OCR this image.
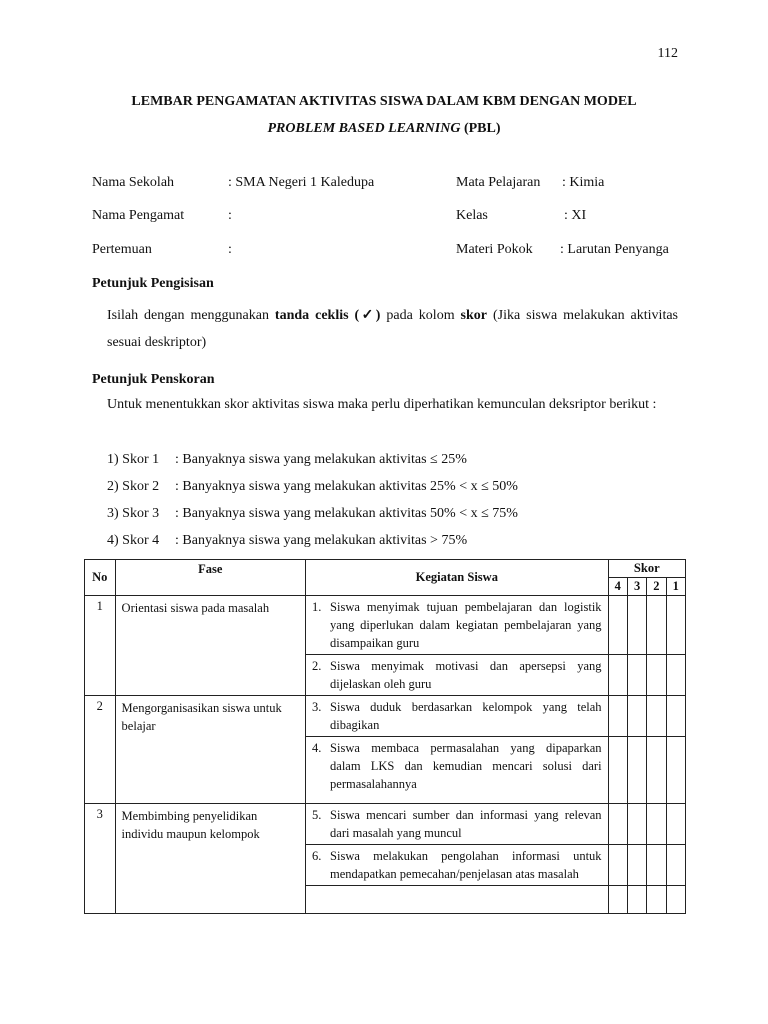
112
LEMBAR PENGAMATAN AKTIVITAS SISWA DALAM KBM DENGAN MODEL
PROBLEM BASED LEARNING (PBL)
Nama Sekolah	: SMA Negeri 1 Kaledupa
Nama Pengamat	:
Pertemuan	:
Mata Pelajaran : Kimia
Kelas	: XI
Materi Pokok : Larutan Penyanga
Petunjuk Pengisisan
Isilah dengan menggunakan tanda ceklis (✓) pada kolom skor (Jika siswa melakukan aktivitas sesuai deskriptor)
Petunjuk Penskoran
Untuk menentukkan skor aktivitas siswa maka perlu diperhatikan kemunculan deksriptor berikut :
1) Skor 1 : Banyaknya siswa yang melakukan aktivitas ≤ 25%
2) Skor 2 : Banyaknya siswa yang melakukan aktivitas 25% < x ≤ 50%
3) Skor 3 : Banyaknya siswa yang melakukan aktivitas 50% < x ≤ 75%
4) Skor 4 : Banyaknya siswa yang melakukan aktivitas > 75%
No	Fase	Kegiatan Siswa	Skor			
			4	3	2	1
1	Orientasi siswa pada masalah	1. Siswa menyimak tujuan pembelajaran dan logistik yang diperlukan dalam kegiatan pembelajaran yang disampaikan guru				

		2. Siswa menyimak motivasi dan apersepsi yang dijelaskan oleh guru				

2	Mengorganisasikan siswa untuk belajar	3. Siswa duduk berdasarkan kelompok yang telah dibagikan				

		4. Siswa membaca permasalahan yang dipaparkan dalam LKS dan kemudian mencari solusi dari permasalahannya				

3	Membimbing penyelidikan individu maupun kelompok	5. Siswa mencari sumber dan informasi yang relevan dari masalah yang muncul				

		6. Siswa melakukan pengolahan informasi untuk mendapatkan pemecahan/penjelasan atas masalah				
